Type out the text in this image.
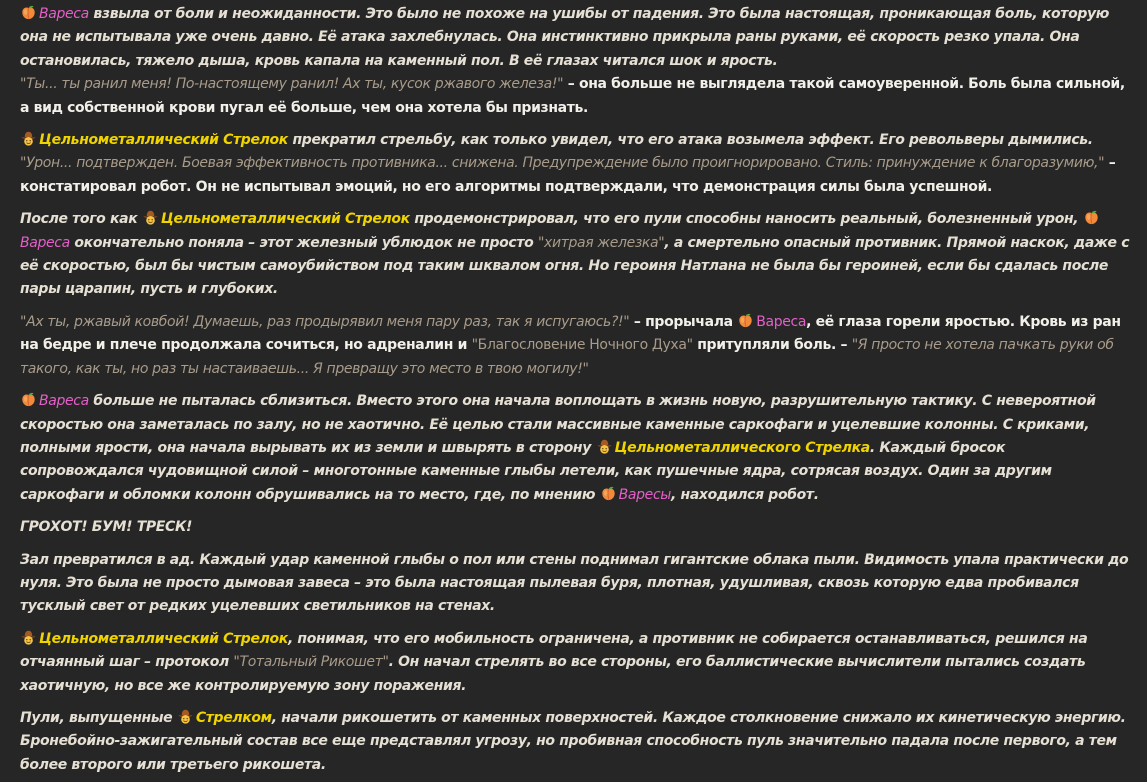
Вареса взвыла от боли и неожиданности. Это было не похоже на ушибы от падения. Это была настоящая, проникающая боль, которую она не испытывала уже очень давно. Её атака захлебнулась. Она инстинктивно прикрыла раны руками, её скорость резко упала. Она остановилась, тяжело дыша, кровь капала на каменный пол. В её глазах читался шок и ярость.
"Ты... ты ранил меня! По-настоящему ранил! Ах ты, кусок ржавого железа!" – она больше не выглядела такой самоуверенной. Боль была сильной, а вид собственной крови пугал её больше, чем она хотела бы признать.

Цельнометаллический Стрелок прекратил стрельбу, как только увидел, что его атака возымела эффект. Его револьверы дымились.
"Урон... подтвержден. Боевая эффективность противника... снижена. Предупреждение было проигнорировано. Стиль: принуждение к благоразумию," – констатировал робот. Он не испытывал эмоций, но его алгоритмы подтверждали, что демонстрация силы была успешной.

После того как Цельнометаллический Стрелок продемонстрировал, что его пули способны наносить реальный, болезненный урон, Вареса окончательно поняла – этот железный ублюдок не просто "хитрая железка", а смертельно опасный противник. Прямой наскок, даже с её скоростью, был бы чистым самоубийством под таким шквалом огня. Но героиня Натлана не была бы героиней, если бы сдалась после пары царапин, пусть и глубоких.

"Ах ты, ржавый ковбой! Думаешь, раз продырявил меня пару раз, так я испугаюсь?!" – прорычала Вареса, её глаза горели яростью. Кровь из ран на бедре и плече продолжала сочиться, но адреналин и "Благословение Ночного Духа" притупляли боль. – "Я просто не хотела пачкать руки об такого, как ты, но раз ты настаиваешь... Я превращу это место в твою могилу!"

Вареса больше не пыталась сблизиться. Вместо этого она начала воплощать в жизнь новую, разрушительную тактику. С невероятной скоростью она заметалась по залу, но не хаотично. Её целью стали массивные каменные саркофаги и уцелевшие колонны. С криками, полными ярости, она начала вырывать их из земли и швырять в сторону Цельнометаллического Стрелка. Каждый бросок сопровождался чудовищной силой – многотонные каменные глыбы летели, как пушечные ядра, сотрясая воздух. Один за другим саркофаги и обломки колонн обрушивались на то место, где, по мнению Варесы, находился робот.

ГРОХОТ! БУМ! ТРЕСК!

Зал превратился в ад. Каждый удар каменной глыбы о пол или стены поднимал гигантские облака пыли. Видимость упала практически до нуля. Это была не просто дымовая завеса – это была настоящая пылевая буря, плотная, удушливая, сквозь которую едва пробивался тусклый свет от редких уцелевших светильников на стенах.

Цельнометаллический Стрелок, понимая, что его мобильность ограничена, а противник не собирается останавливаться, решился на отчаянный шаг – протокол "Тотальный Рикошет". Он начал стрелять во все стороны, его баллистические вычислители пытались создать хаотичную, но все же контролируемую зону поражения.

Пули, выпущенные Стрелком, начали рикошетить от каменных поверхностей. Каждое столкновение снижало их кинетическую энергию. Бронебойно-зажигательный состав все еще представлял угрозу, но пробивная способность пуль значительно падала после первого, а тем более второго или третьего рикошета.
